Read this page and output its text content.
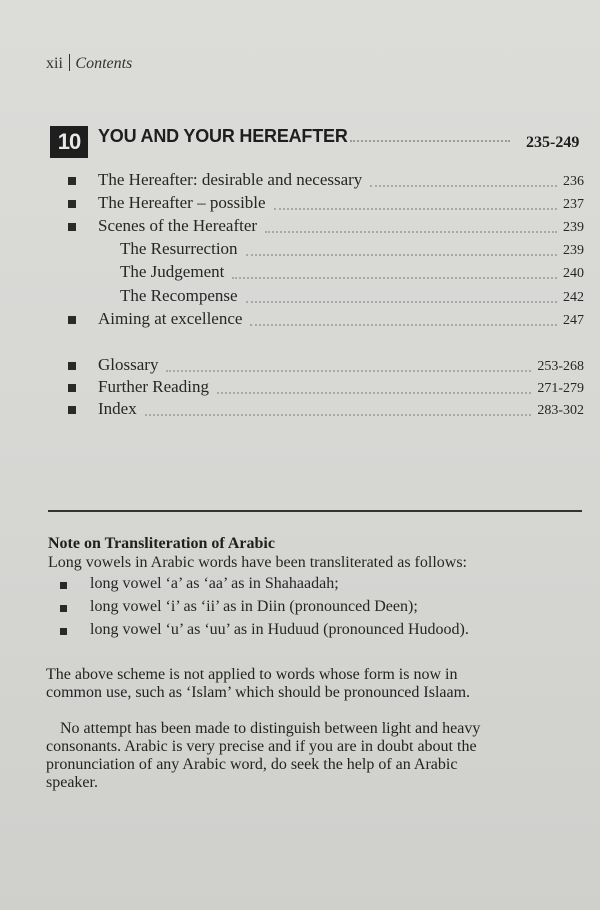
xii Contents
10 YOU AND YOUR HEREAFTER	235-249
The Hereafter: desirable and necessary	236
The Hereafter – possible	237
Scenes of the Hereafter	239
The Resurrection	239
The Judgement	240
The Recompense	242
Aiming at excellence	247
Glossary	253-268
Further Reading	271-279
Index	283-302
Note on Transliteration of Arabic
Long vowels in Arabic words have been transliterated as follows:
long vowel ‘a’ as ‘aa’ as in Shahaadah;
long vowel ‘i’ as ‘ii’ as in Diin (pronounced Deen);
long vowel ‘u’ as ‘uu’ as in Huduud (pronounced Hudood).
The above scheme is not applied to words whose form is now in
common use, such as ‘Islam’ which should be pronounced Islaam.
No attempt has been made to distinguish between light and heavy
consonants. Arabic is very precise and if you are in doubt about the
pronunciation of any Arabic word, do seek the help of an Arabic
speaker.
